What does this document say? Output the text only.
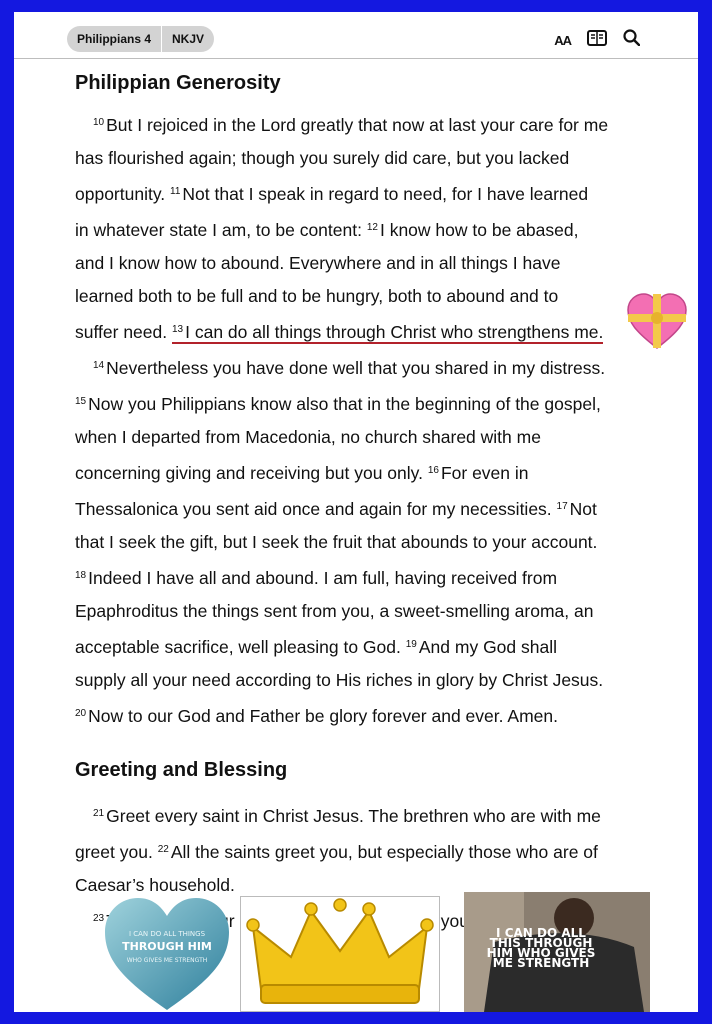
Philippians 4	NKJV	AA
Philippian Generosity
$^{10}$ But I rejoiced in the Lord greatly that now at last your care for me
has flourished again; though you surely did care, but you lacked
opportunity. $^{11}$ Not that I speak in regard to need, for I have learned
in whatever state I am, to be content: $^{12}$ I know how to be abased,
and I know how to abound. Everywhere and in all things I have
learned both to be full and to be hungry, both to abound and to
suffer need. $^{13}$ I can do all things through Christ who strengthens me.
$^{14}$ Nevertheless you have done well that you shared in my distress.
$^{15}$ Now you Philippians know also that in the beginning of the gospel,
when I departed from Macedonia, no church shared with me
concerning giving and receiving but you only. $^{16}$ For even in
Thessalonica you sent aid once and again for my necessities. $^{17}$ Not
that I seek the gift, but I seek the fruit that abounds to your account.
$^{18}$ Indeed I have all and abound. I am full, having received from
Epaphroditus the things sent from you, a sweet-smelling aroma, an
acceptable sacrifice, well pleasing to God. $^{19}$ And my God shall
supply all your need according to His riches in glory by Christ Jesus.
$^{20}$ Now to our God and Father be glory forever and ever. Amen.
Greeting and Blessing
$^{21}$ Greet every saint in Christ Jesus. The brethren who are with me
greet you. $^{22}$ All the saints greet you, but especially those who are of
Caesar’s household.
$^{23}$	you
I CAN DO ALL THINGS
THROUGH HIM
WHO GIVES ME STRENGTH
I CAN DO ALL THIS THROUGH HIM WHO GIVES ME STRENGTH
